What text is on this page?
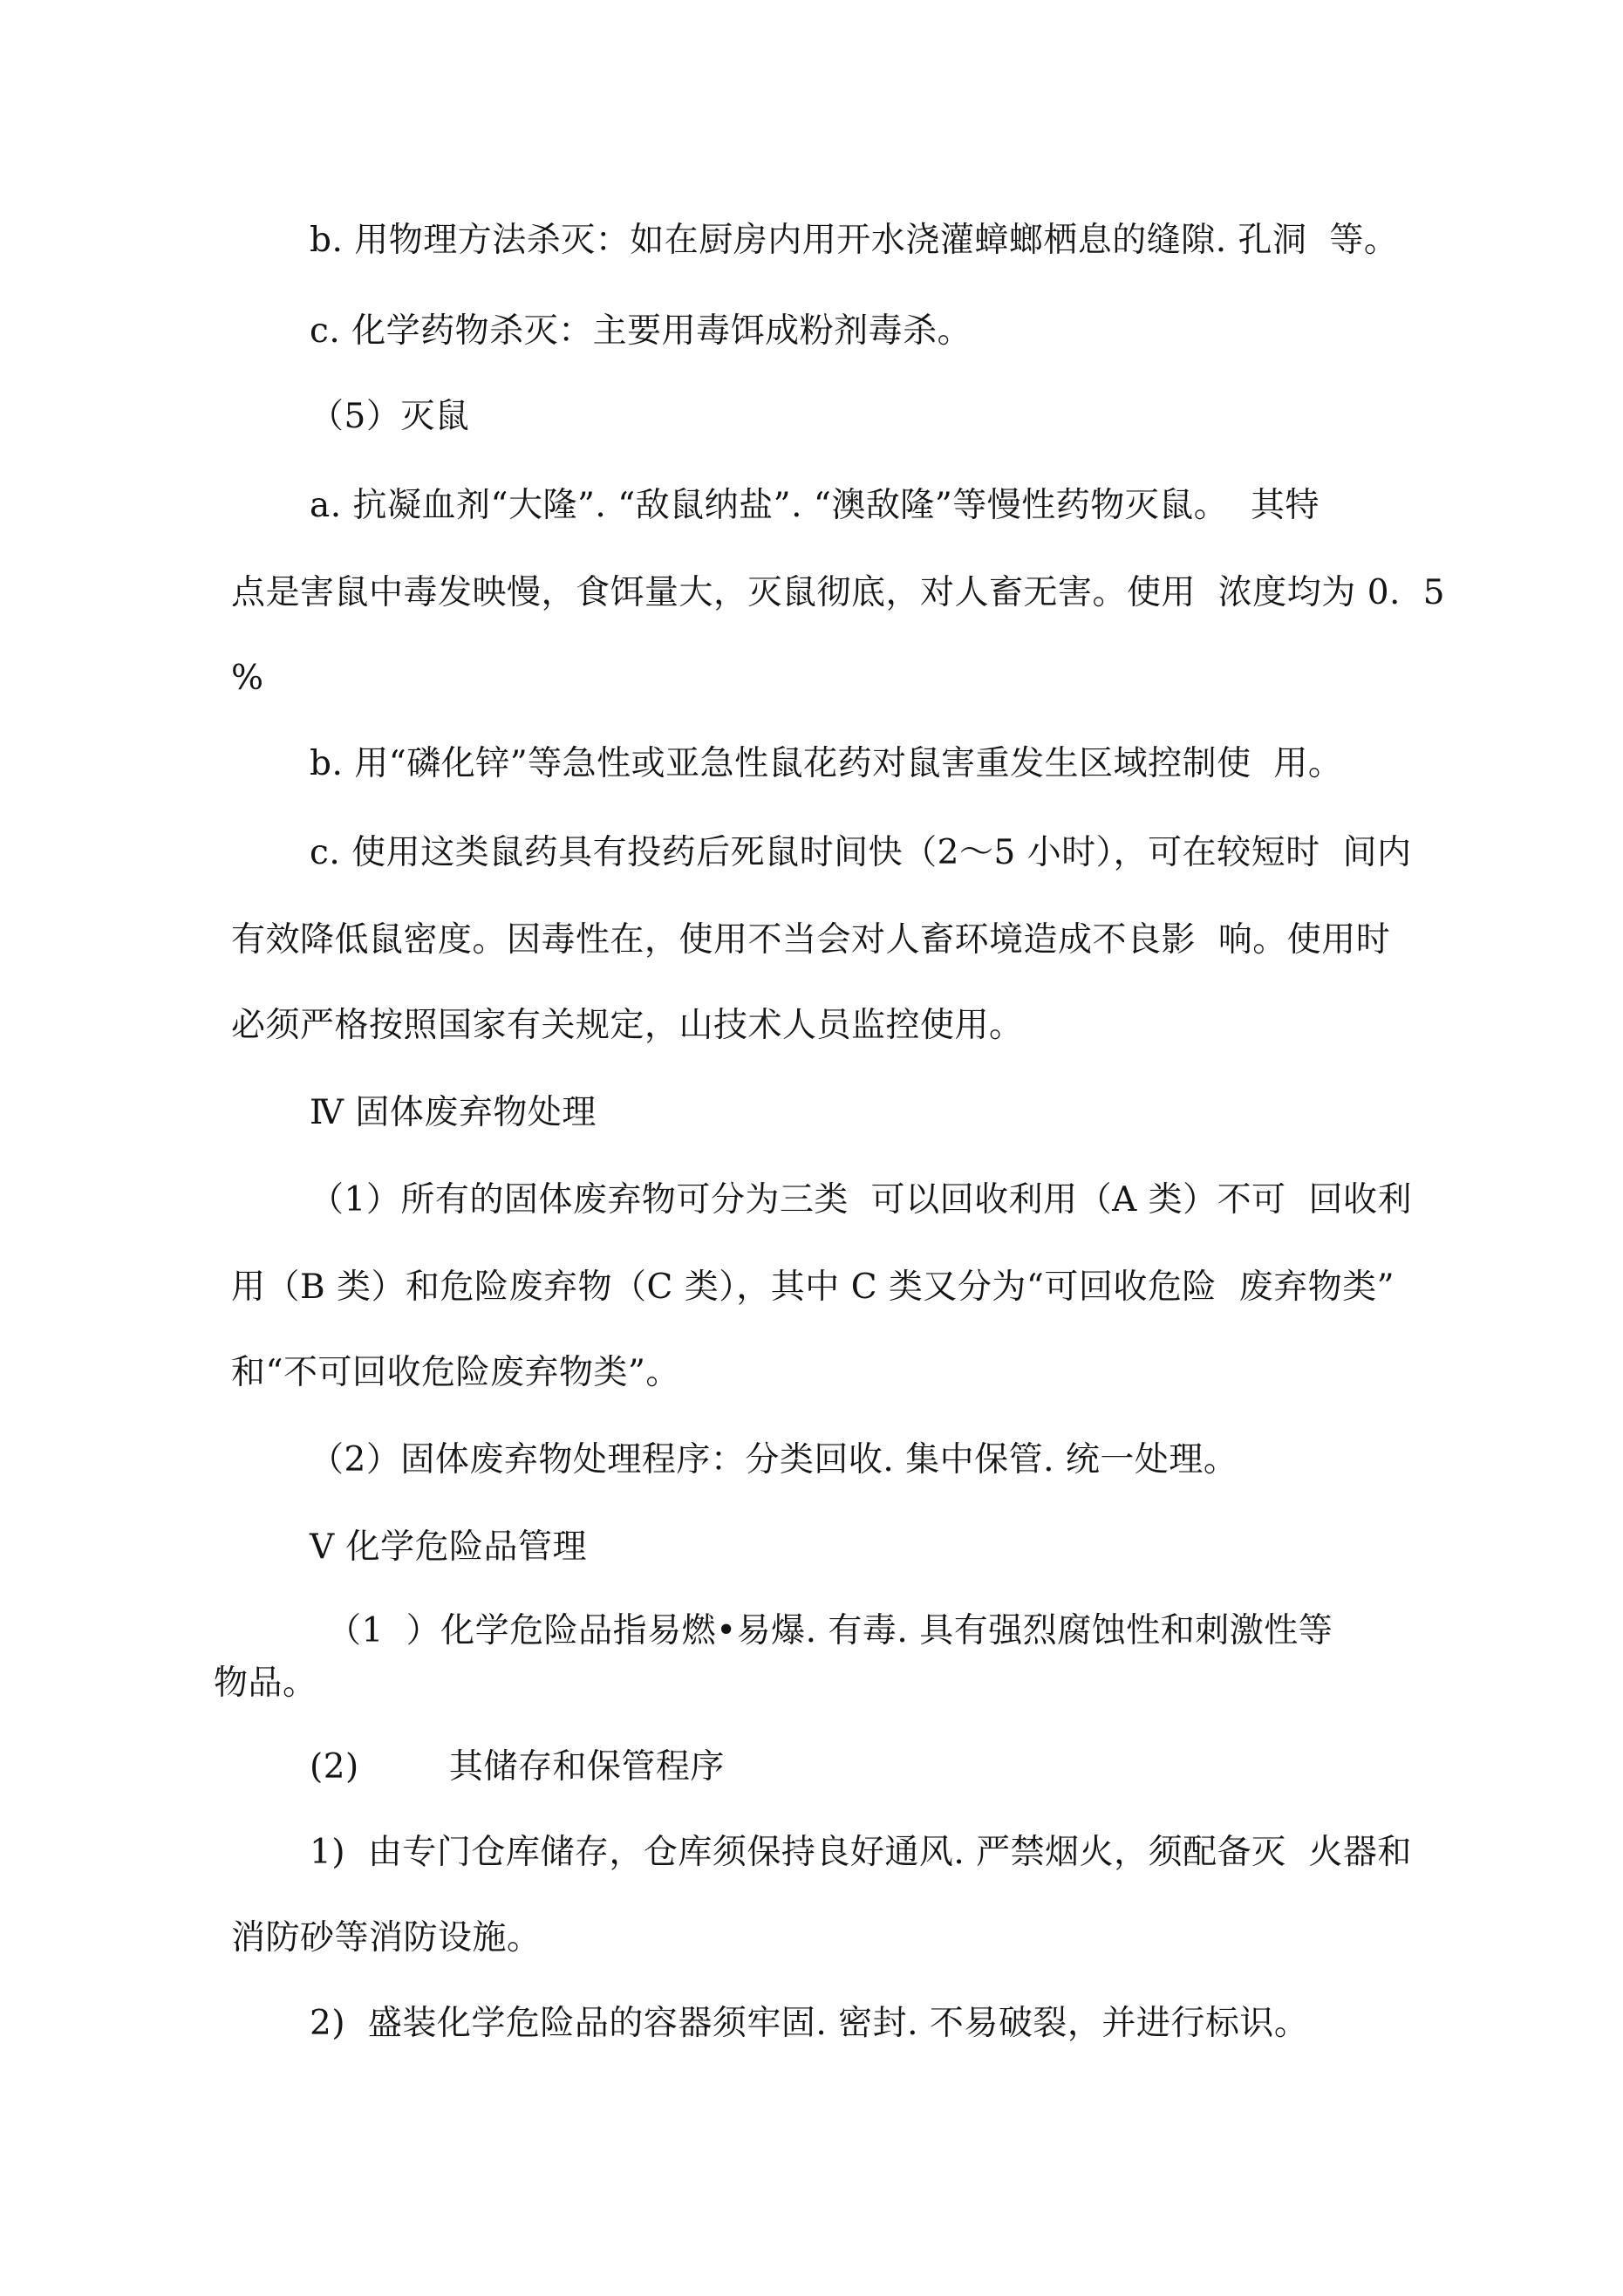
b. 用物理方法杀灭：如在厨房内用开水浇灌蟑螂栖息的缝隙. 孔洞  等。
c. 化学药物杀灭：主要用毒饵成粉剂毒杀。
（5）灭鼠
a. 抗凝血剂“大隆”. “敌鼠纳盐”. “澳敌隆”等慢性药物灭鼠。  其特
点是害鼠中毒发映慢，食饵量大，灭鼠彻底，对人畜无害。使用  浓度均为 0.  5
%
b. 用“磷化锌”等急性或亚急性鼠花药对鼠害重发生区域控制使  用。
c. 使用这类鼠药具有投药后死鼠时间快（2〜5 小时），可在较短时  间内
有效降低鼠密度。因毒性在，使用不当会对人畜环境造成不良影  响。使用时
必须严格按照国家有关规定，山技术人员监控使用。
Ⅳ 固体废弃物处理
（1）所有的固体废弃物可分为三类  可以回收利用（A 类）不可  回收利
用（B 类）和危险废弃物（C 类），其中 C 类又分为“可回收危险  废弃物类”
和“不可回收危险废弃物类”。
（2）固体废弃物处理程序：分类回收. 集中保管. 统一处理。
Ⅴ 化学危险品管理
（1  ）化学危险品指易燃•易爆. 有毒. 具有强烈腐蚀性和刺激性等
物品。
(2)        其储存和保管程序
1)  由专门仓库储存，仓库须保持良好通风. 严禁烟火，须配备灭  火器和
消防砂等消防设施。
2)  盛装化学危险品的容器须牢固. 密封. 不易破裂，并进行标识。
